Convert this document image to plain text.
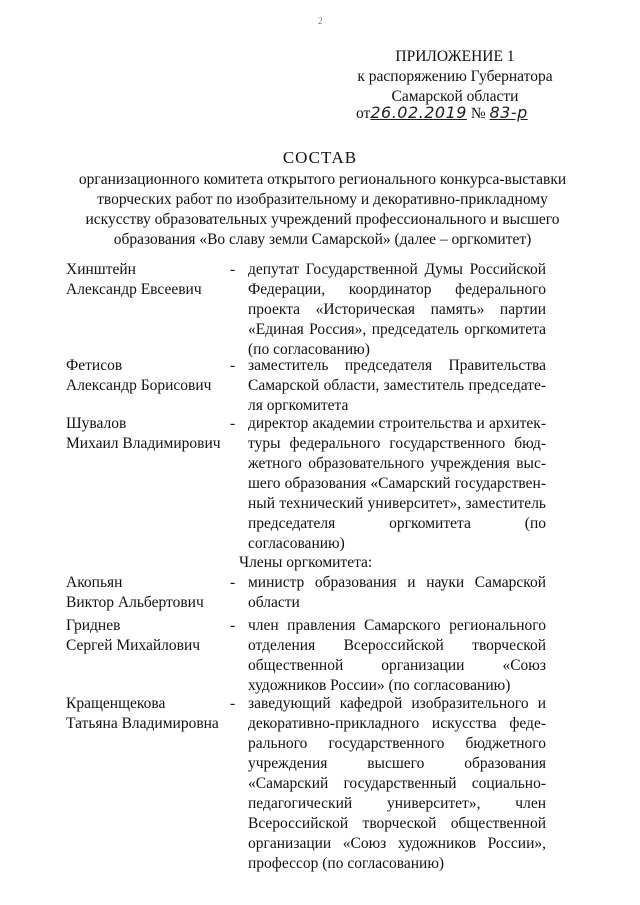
2
ПРИЛОЖЕНИЕ 1
к распоряжению Губернатора
Самарской области
от26.02.2019 № 83-р
СОСТАВ
организационного комитета открытого регионального конкурса-выставки
творческих работ по изобразительному и декоративно-прикладному
искусству образовательных учреждений профессионального и высшего
образования «Во славу земли Самарской» (далее – оргкомитет)
Хинштейн
Александр Евсеевич
- депутат Государственной Думы Российской
Федерации, координатор федерального
проекта «Историческая память» партии
«Единая Россия», председатель оргкомитета
(по согласованию)
Фетисов
Александр Борисович
- заместитель председателя Правительства
Самарской области, заместитель председате-
ля оргкомитета
Шувалов
Михаил Владимирович
- директор академии строительства и архитек-
туры федерального государственного бюд-
жетного образовательного учреждения выс-
шего образования «Самарский государствен-
ный технический университет», заместитель
председателя оргкомитета (по согласованию)
Члены оргкомитета:
Акопьян
Виктор Альбертович
- министр образования и науки Самарской
области
Гриднев
Сергей Михайлович
- член правления Самарского регионального
отделения Всероссийской творческой
общественной организации «Союз
художников России» (по согласованию)
Кращенщекова
Татьяна Владимировна
- заведующий кафедрой изобразительного и
декоративно-прикладного искусства феде-
рального государственного бюджетного
учреждения высшего образования
«Самарский государственный социально-
педагогический университет», член
Всероссийской творческой общественной
организации «Союз художников России»,
профессор (по согласованию)
